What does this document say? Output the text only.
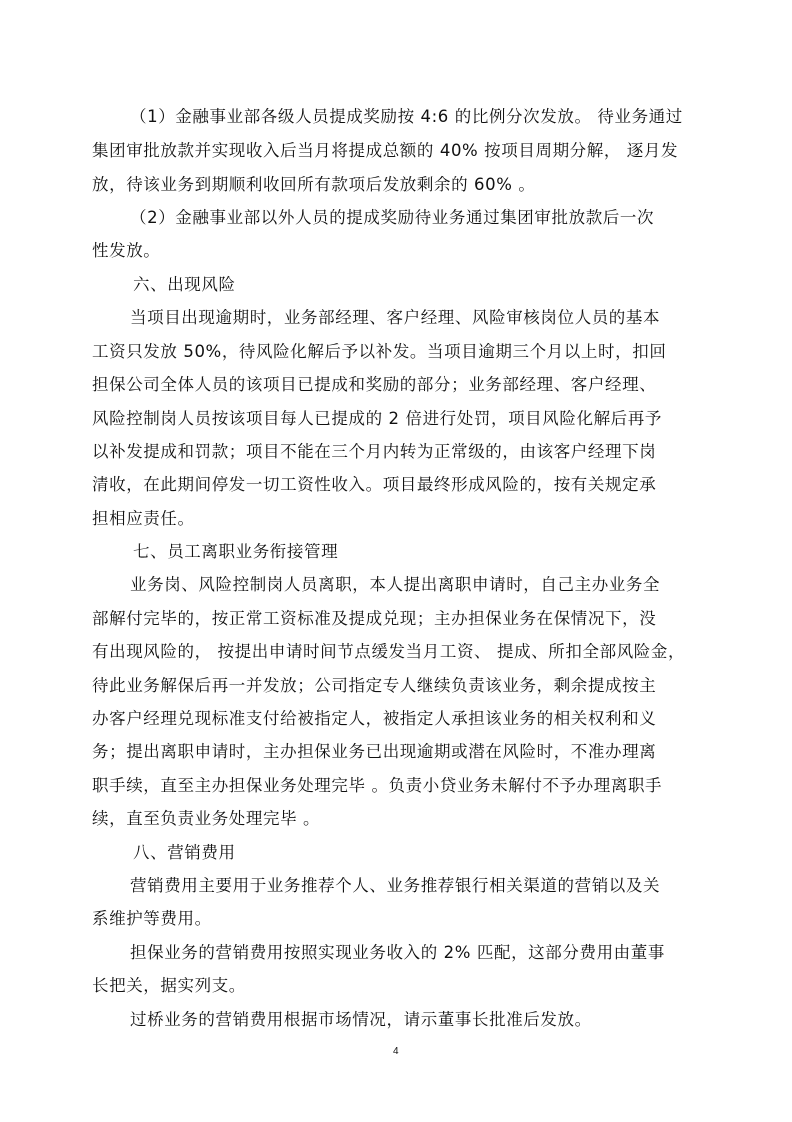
（1）金融事业部各级人员提成奖励按 4:6 的比例分次发放。 待业务通过
集团审批放款并实现收入后当月将提成总额的 40% 按项目周期分解， 逐月发
放，待该业务到期顺利收回所有款项后发放剩余的 60% 。
（2）金融事业部以外人员的提成奖励待业务通过集团审批放款后一次
性发放。
六、出现风险
当项目出现逾期时，业务部经理、客户经理、风险审核岗位人员的基本
工资只发放 50%，待风险化解后予以补发。当项目逾期三个月以上时，扣回
担保公司全体人员的该项目已提成和奖励的部分；业务部经理、客户经理、
风险控制岗人员按该项目每人已提成的 2 倍进行处罚，项目风险化解后再予
以补发提成和罚款；项目不能在三个月内转为正常级的，由该客户经理下岗
清收，在此期间停发一切工资性收入。项目最终形成风险的，按有关规定承
担相应责任。
七、员工离职业务衔接管理
业务岗、风险控制岗人员离职，本人提出离职申请时，自己主办业务全
部解付完毕的，按正常工资标准及提成兑现；主办担保业务在保情况下，没
有出现风险的， 按提出申请时间节点缓发当月工资、 提成、所扣全部风险金，
待此业务解保后再一并发放；公司指定专人继续负责该业务，剩余提成按主
办客户经理兑现标准支付给被指定人，被指定人承担该业务的相关权利和义
务；提出离职申请时，主办担保业务已出现逾期或潜在风险时，不准办理离
职手续，直至主办担保业务处理完毕 。负责小贷业务未解付不予办理离职手
续，直至负责业务处理完毕 。
八、营销费用
营销费用主要用于业务推荐个人、业务推荐银行相关渠道的营销以及关
系维护等费用。
担保业务的营销费用按照实现业务收入的 2% 匹配，这部分费用由董事
长把关，据实列支。
过桥业务的营销费用根据市场情况，请示董事长批准后发放。
4
